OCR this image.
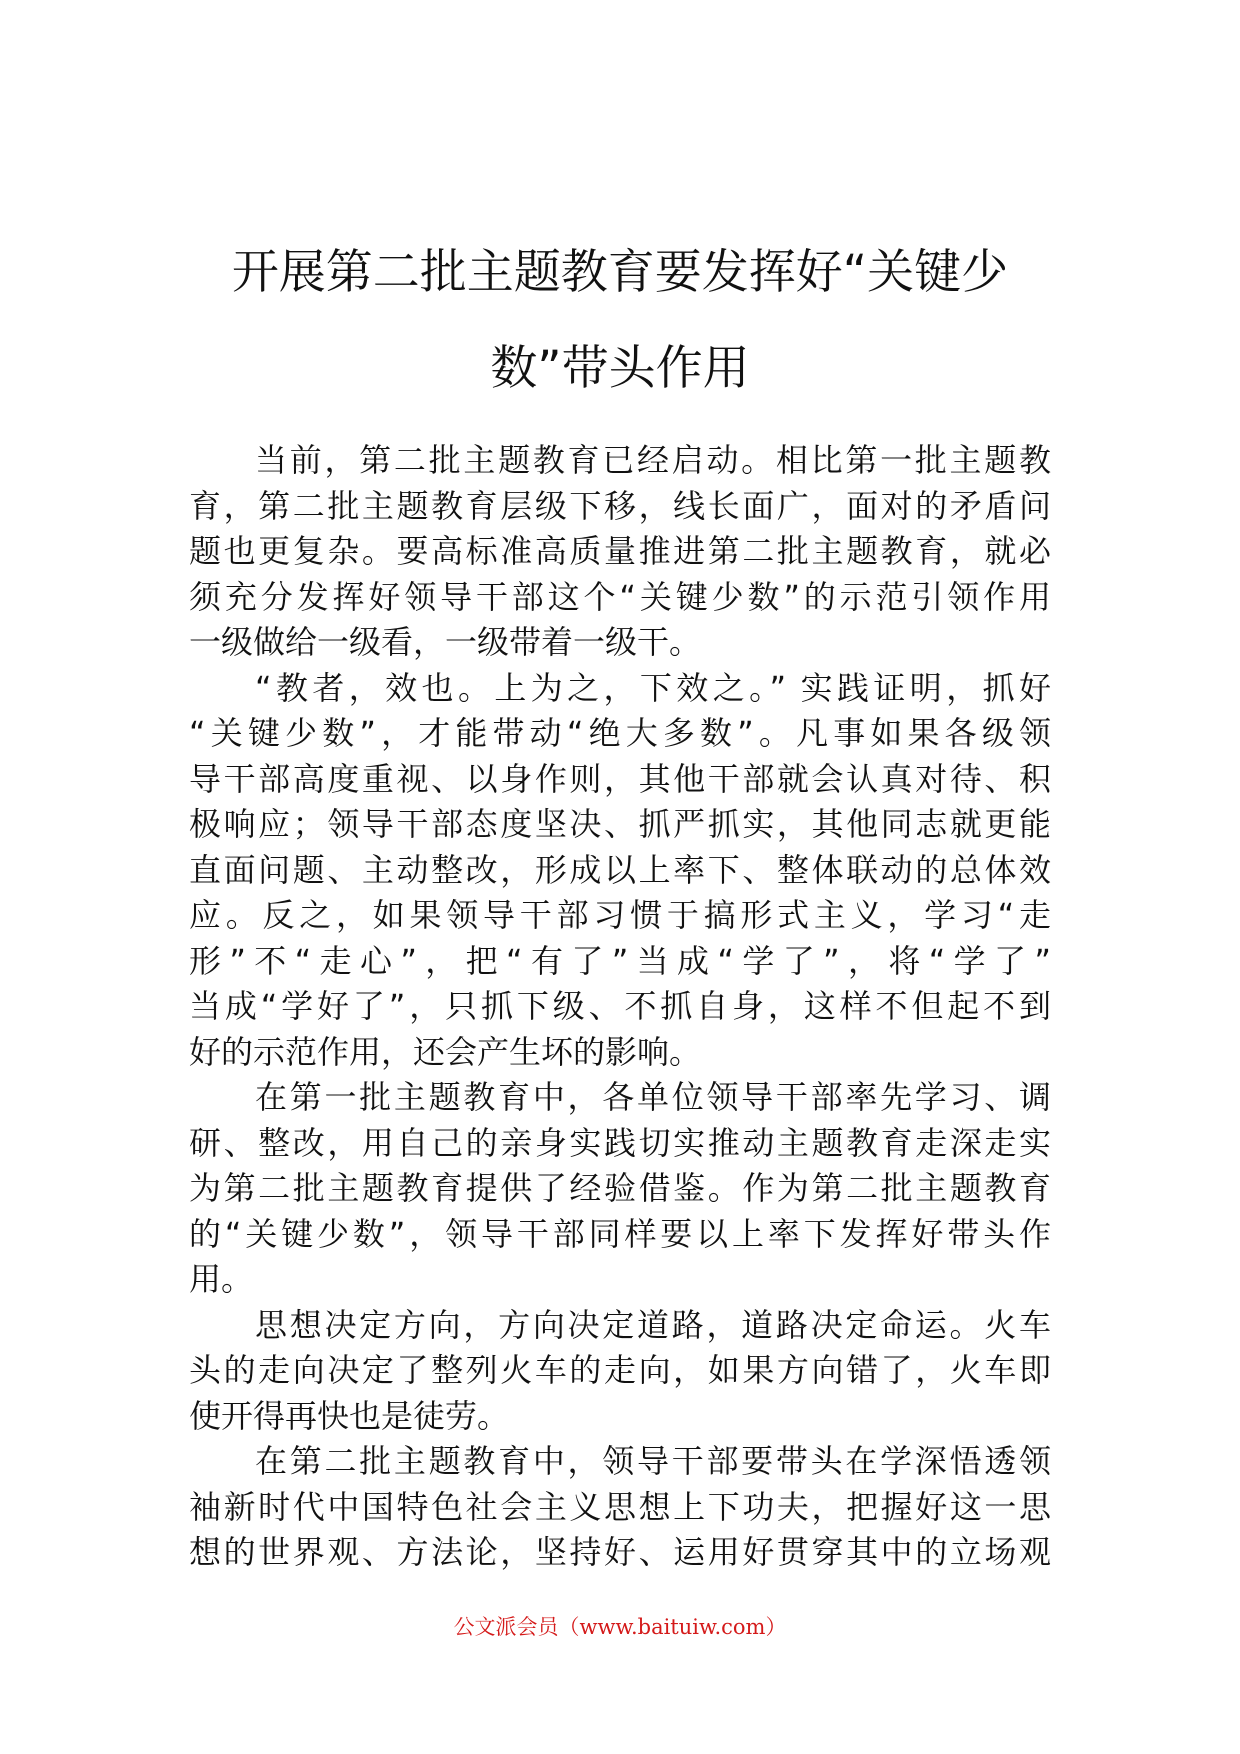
开展第二批主题教育要发挥好“关键少
数”带头作用
当前，第二批主题教育已经启动。相比第一批主题教
育，第二批主题教育层级下移，线长面广，面对的矛盾问
题也更复杂。要高标准高质量推进第二批主题教育，就必
须充分发挥好领导干部这个“关键少数”的示范引领作用
一级做给一级看，一级带着一级干。
“教者，效也。上为之，下效之。” 实践证明，抓好
“关键少数”，才能带动“绝大多数”。凡事如果各级领
导干部高度重视、以身作则，其他干部就会认真对待、积
极响应；领导干部态度坚决、抓严抓实，其他同志就更能
直面问题、主动整改，形成以上率下、整体联动的总体效
应。反之，如果领导干部习惯于搞形式主义，学习“走
形”不“走心”，把“有了”当成“学了”，将“学了”
当成“学好了”，只抓下级、不抓自身，这样不但起不到
好的示范作用，还会产生坏的影响。
在第一批主题教育中，各单位领导干部率先学习、调
研、整改，用自己的亲身实践切实推动主题教育走深走实
为第二批主题教育提供了经验借鉴。作为第二批主题教育
的“关键少数”，领导干部同样要以上率下发挥好带头作
用。
思想决定方向，方向决定道路，道路决定命运。火车
头的走向决定了整列火车的走向，如果方向错了，火车即
使开得再快也是徒劳。
在第二批主题教育中，领导干部要带头在学深悟透领
袖新时代中国特色社会主义思想上下功夫，把握好这一思
想的世界观、方法论，坚持好、运用好贯穿其中的立场观
公文派会员（www.baituiw.com）
